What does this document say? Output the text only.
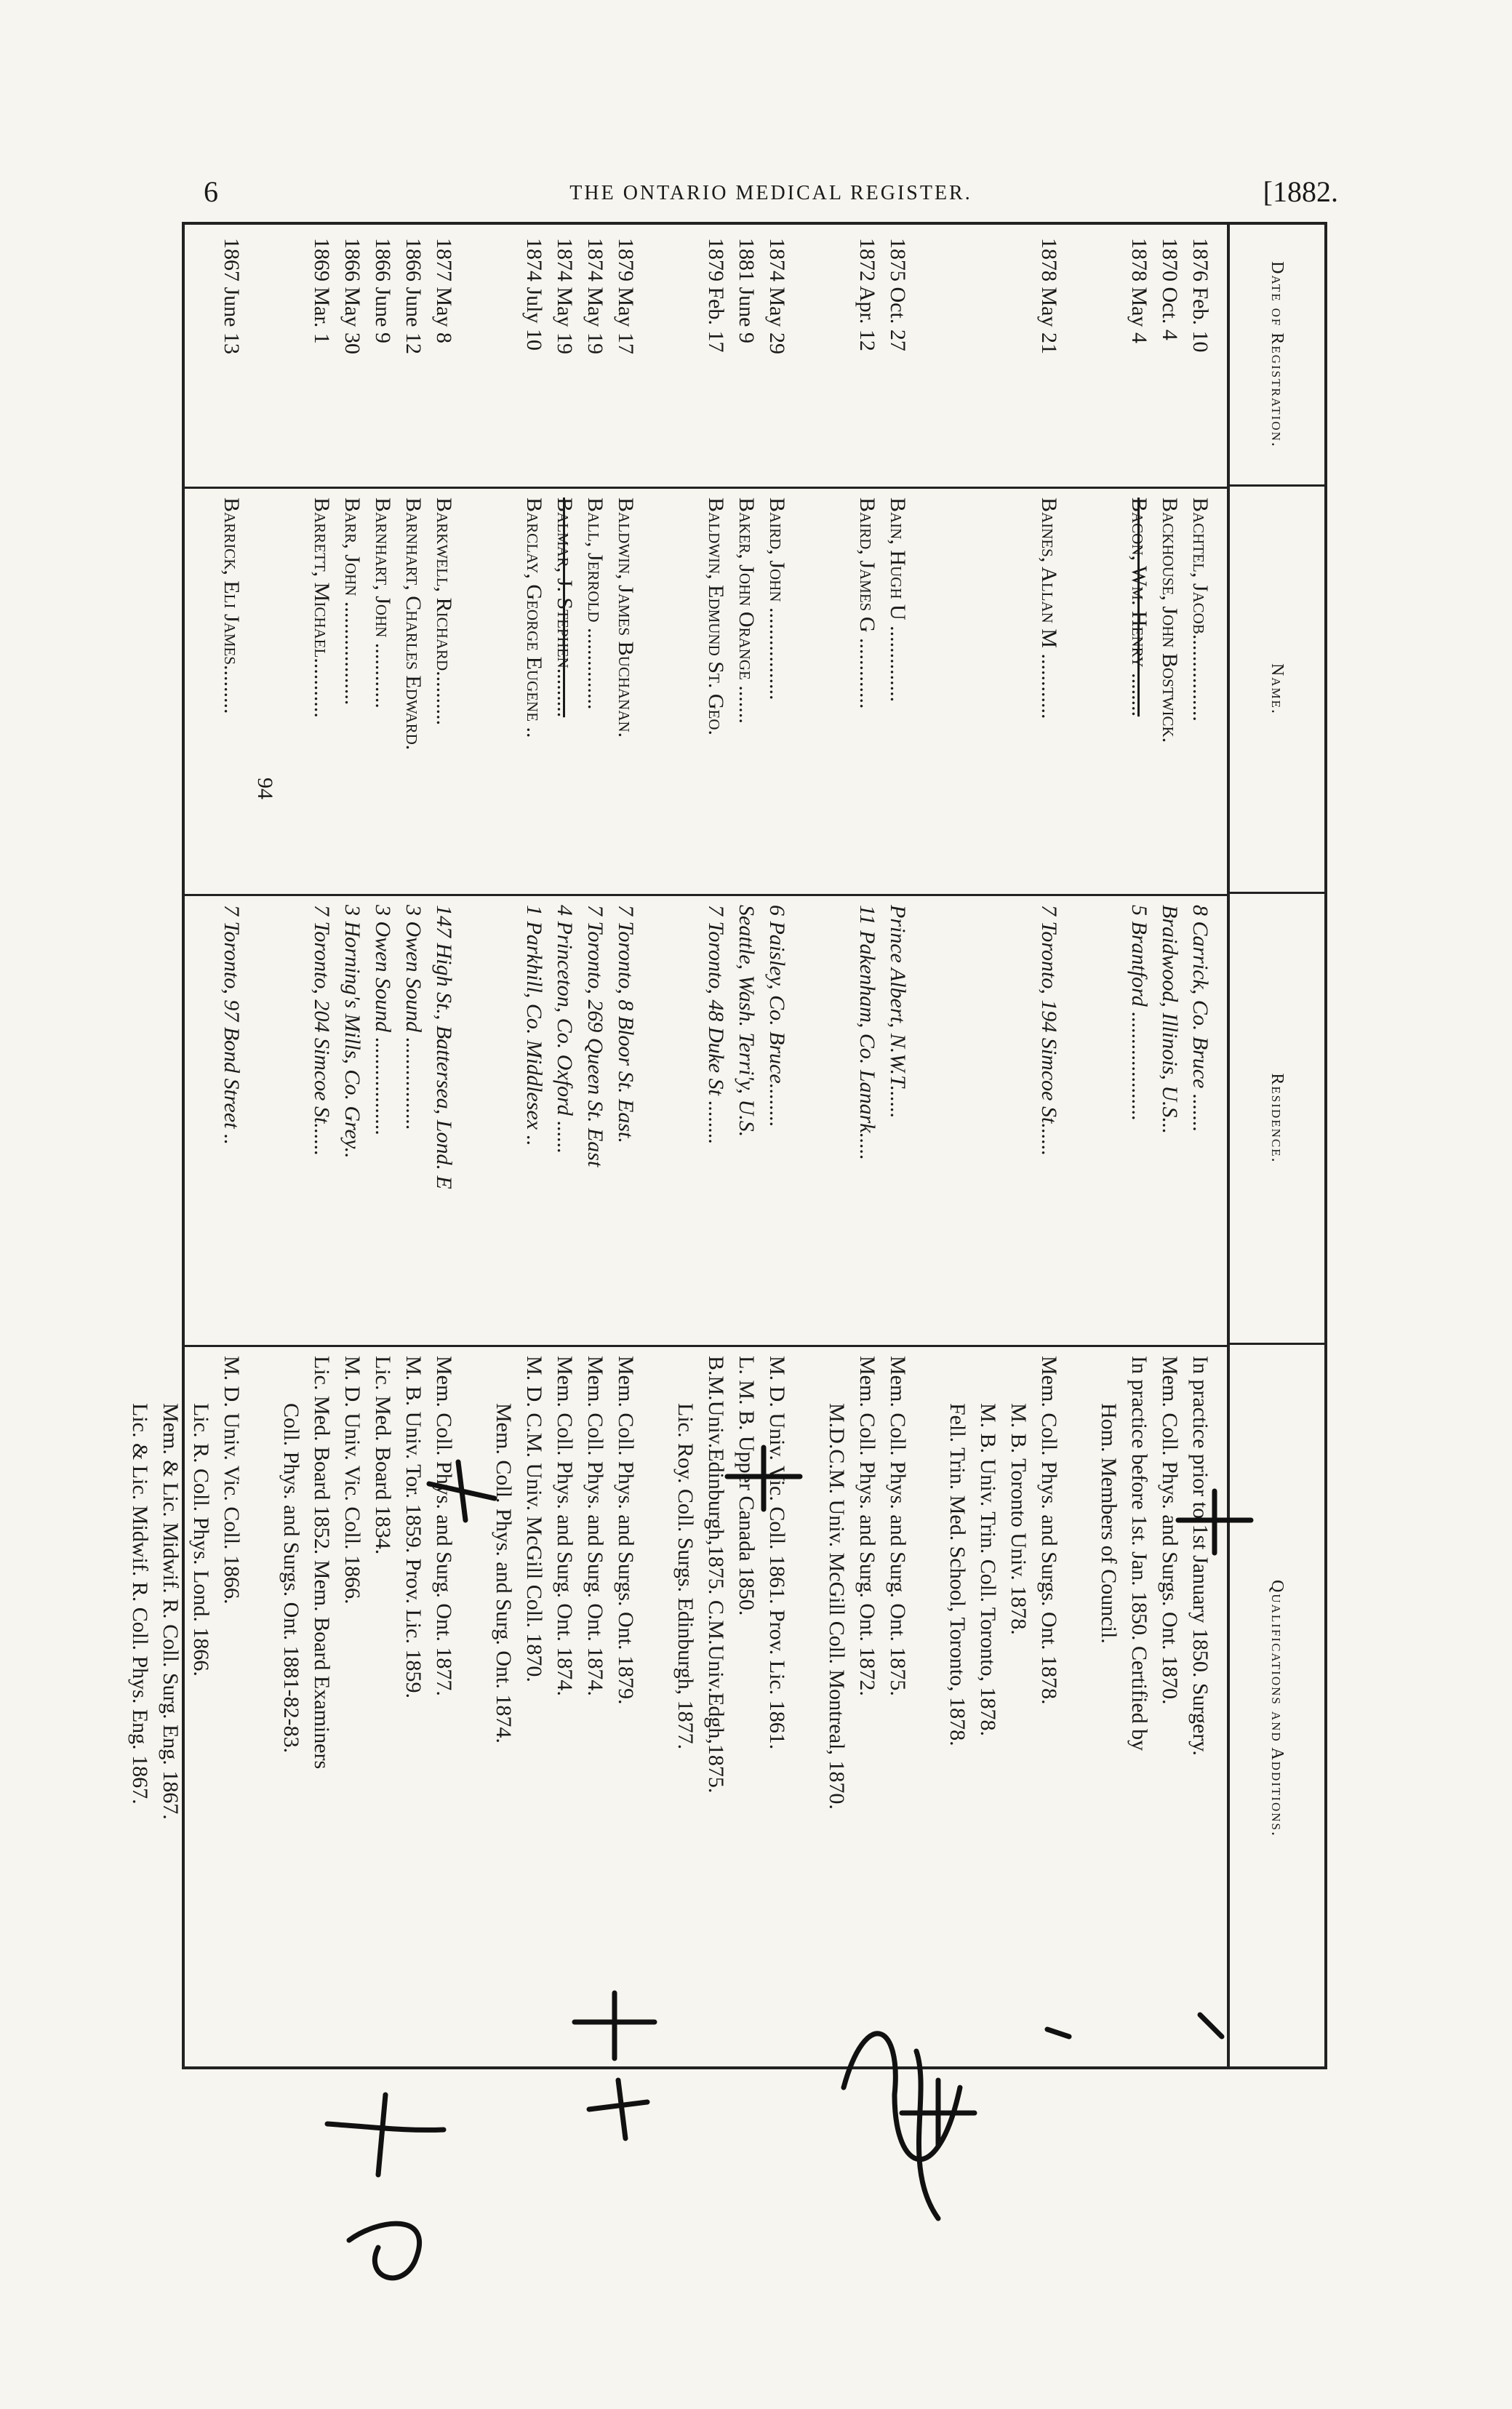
6	THE ONTARIO MEDICAL REGISTER.	[1882.
Date of Registration.
Name.
Residence.
Qualifications and Additions.
1876 Feb. 10
Bachtel, Jacob................
8 Carrick, Co. Bruce .......
In practice prior to 1st January 1850. Surgery.
1870 Oct. 4
Backhouse, John Bostwick.
Braidwood, Illinois, U.S...
Mem. Coll. Phys. and Surgs. Ont. 1870.
1878 May 4
Bacon, Wm. Henry ........
5 Brantford ....................
In practice before 1st. Jan. 1850. Certified by
Hom. Members of Council.
1878 May 21
Baines, Allan M ............
7 Toronto, 194 Simcoe St......
Mem. Coll. Phys. and Surgs. Ont. 1878.
M. B. Toronto Univ. 1878.
M. B. Univ. Trin. Coll. Toronto, 1878.
Fell. Trin. Med. School, Toronto, 1878.
1875 Oct. 27
Bain, Hugh U ..............
Prince Albert, N.W.T......
Mem. Coll. Phys. and Surg. Ont. 1875.
1872 Apr. 12
Baird, James G .............
11 Pakenham, Co. Lanark.....
Mem. Coll. Phys. and Surg. Ont. 1872.
M.D.C.M. Univ. McGill Coll. Montreal, 1870.
1874 May 29
Baird, John .................
6 Paisley, Co. Bruce........
M. D. Univ. Vic. Coll. 1861. Prov. Lic. 1861.
1881 June 9
Baker, John Orange .......
Seattle, Wash. Terri'y, U.S.
L. M. B. Upper Canada 1850.
1879 Feb. 17
Baldwin, Edmund St. Geo.
7 Toronto, 48 Duke St ........
B.M.Univ.Edinburgh,1875. C.M.Univ.Edgh,1875.
Lic. Roy. Coll. Surgs. Edinburgh, 1877.
1879 May 17
Baldwin, James Buchanan.
7 Toronto, 8 Bloor St. East.
Mem. Coll. Phys. and Surgs. Ont. 1879.
1874 May 19
Ball, Jerrold ...............
7 Toronto, 269 Queen St. East
Mem. Coll. Phys. and Surg. Ont. 1874.
1874 May 19
Balmar, J. Stephen.........
4 Princeton, Co. Oxford ......
Mem. Coll. Phys. and Surg. Ont. 1874.
1874 July 10
Barclay, George Eugene ..
1 Parkhill, Co. Middlesex ..
M. D. C.M. Univ. McGill Coll. 1870.
Mem. Coll. Phys. and Surg. Ont. 1874.
1877 May 8
Barkwell, Richard..........
147 High St., Battersea, Lond. E
Mem. Coll. Phys. and Surg. Ont. 1877.
1866 June 12
Barnhart, Charles Edward.
3 Owen Sound .................
M. B. Univ. Tor. 1859. Prov. Lic. 1859.
1866 June 9
Barnhart, John ............
3 Owen Sound ..................
Lic. Med. Board 1834.
1866 May 30
Barr, John ...................
3 Horning's Mills, Co. Grey..
M. D. Univ. Vic. Coll. 1866.
1869 Mar. 1
Barrett, Michael...........
7 Toronto, 204 Simcoe St......
Lic. Med. Board 1852. Mem. Board Examiners
Coll. Phys. and Surgs. Ont. 1881-82-83.
1867 June 13
Barrick, Eli James.........
7 Toronto, 97 Bond Street ..
M. D. Univ. Vic. Coll. 1866.
Lic. R. Coll. Phys. Lond. 1866.
Mem. & Lic. Midwif. R. Coll. Surg. Eng. 1867.
Lic. & Lic. Midwif. R. Coll. Phys. Eng. 1867.
94
